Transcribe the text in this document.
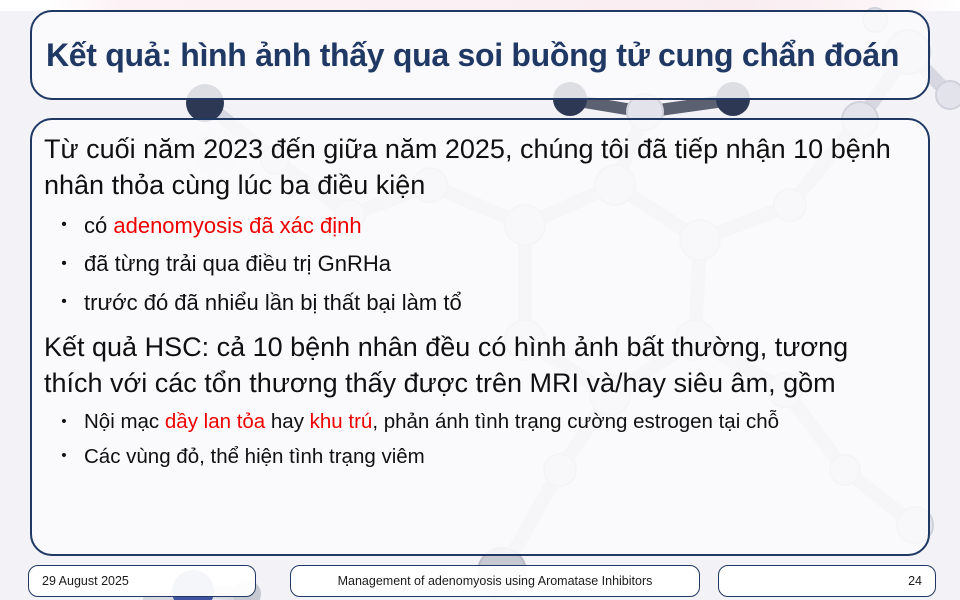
Kết quả: hình ảnh thấy qua soi buồng tử cung chẩn đoán

Từ cuối năm 2023 đến giữa năm 2025, chúng tôi đã tiếp nhận 10 bệnh nhân thỏa cùng lúc ba điều kiện

• có adenomyosis đã xác định
• đã từng trải qua điều trị GnRHa
• trước đó đã nhiểu lần bị thất bại làm tổ

Kết quả HSC: cả 10 bệnh nhân đều có hình ảnh bất thường, tương thích với các tổn thương thấy được trên MRI và/hay siêu âm, gồm

• Nội mạc dầy lan tỏa hay khu trú, phản ánh tình trạng cường estrogen tại chỗ
• Các vùng đỏ, thể hiện tình trạng viêm
29 August 2025	Management of adenomyosis using Aromatase Inhibitors	24
